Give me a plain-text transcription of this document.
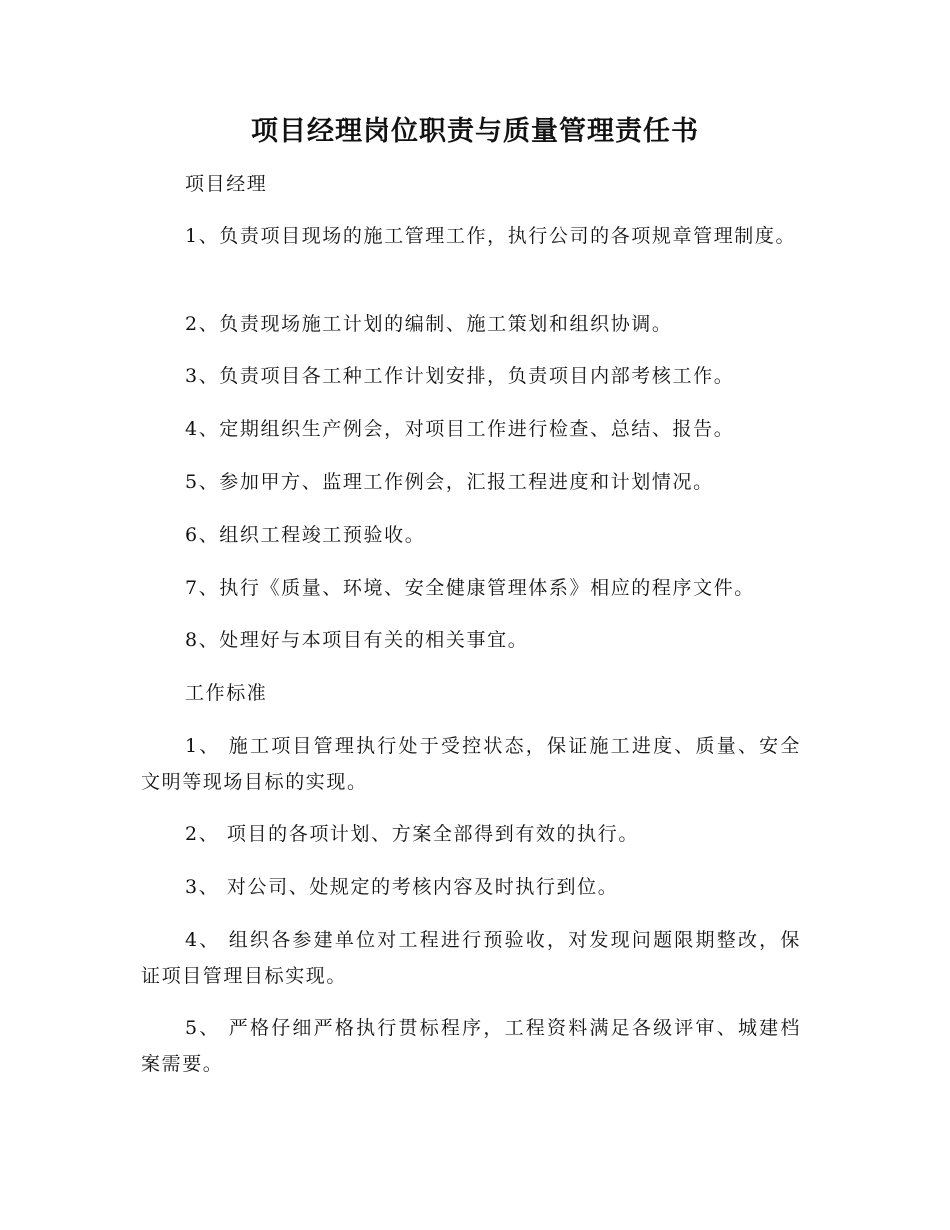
项目经理岗位职责与质量管理责任书

项目经理

1、负责项目现场的施工管理工作，执行公司的各项规章管理制度。

2、负责现场施工计划的编制、施工策划和组织协调。

3、负责项目各工种工作计划安排，负责项目内部考核工作。

4、定期组织生产例会，对项目工作进行检查、总结、报告。

5、参加甲方、监理工作例会，汇报工程进度和计划情况。

6、组织工程竣工预验收。

7、执行《质量、环境、安全健康管理体系》相应的程序文件。

8、处理好与本项目有关的相关事宜。

工作标准

1、 施工项目管理执行处于受控状态，保证施工进度、质量、安全文明等现场目标的实现。

2、 项目的各项计划、方案全部得到有效的执行。

3、 对公司、处规定的考核内容及时执行到位。

4、 组织各参建单位对工程进行预验收，对发现问题限期整改，保证项目管理目标实现。

5、 严格仔细严格执行贯标程序，工程资料满足各级评审、城建档案需要。
